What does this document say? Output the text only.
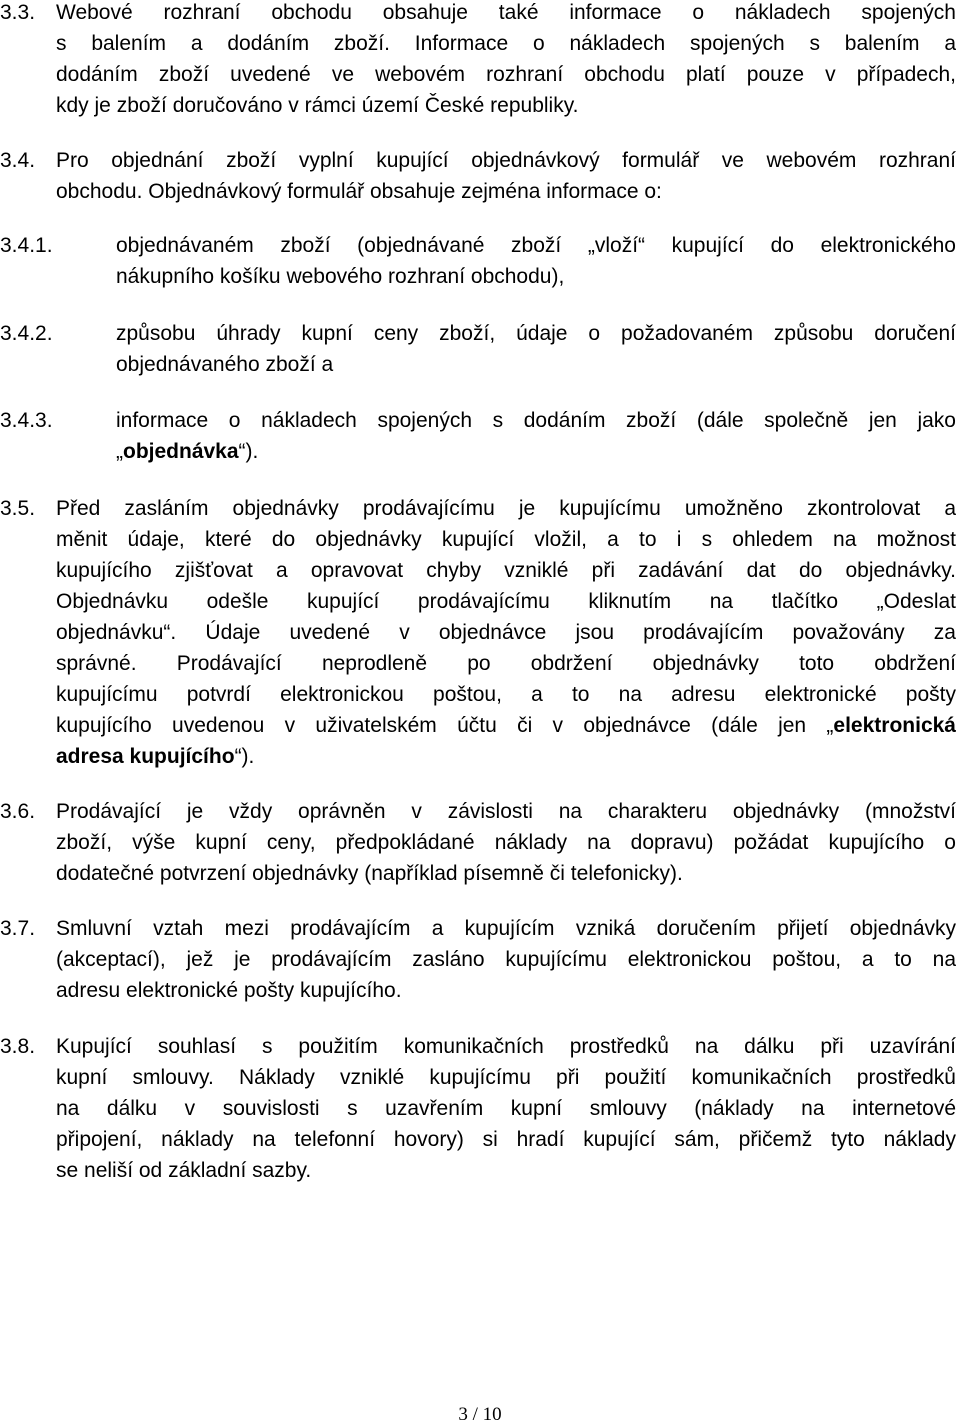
3.3. Webové rozhraní obchodu obsahuje také informace o nákladech spojených
s balením a dodáním zboží. Informace o nákladech spojených s balením a
dodáním zboží uvedené ve webovém rozhraní obchodu platí pouze v případech,
kdy je zboží doručováno v rámci území České republiky.
3.4. Pro objednání zboží vyplní kupující objednávkový formulář ve webovém rozhraní
obchodu. Objednávkový formulář obsahuje zejména informace o:
3.4.1.	objednávaném zboží (objednávané zboží „vloží“ kupující do elektronického
nákupního košíku webového rozhraní obchodu),
3.4.2.	způsobu úhrady kupní ceny zboží, údaje o požadovaném způsobu doručení
objednávaného zboží a
3.4.3.	informace o nákladech spojených s dodáním zboží (dále společně jen jako
„objednávka“).
3.5. Před zasláním objednávky prodávajícímu je kupujícímu umožněno zkontrolovat a
měnit údaje, které do objednávky kupující vložil, a to i s ohledem na možnost
kupujícího zjišťovat a opravovat chyby vzniklé při zadávání dat do objednávky.
Objednávku odešle kupující prodávajícímu kliknutím na tlačítko „Odeslat
objednávku“. Údaje uvedené v objednávce jsou prodávajícím považovány za
správné. Prodávající neprodleně po obdržení objednávky toto obdržení
kupujícímu potvrdí elektronickou poštou, a to na adresu elektronické pošty
kupujícího uvedenou v uživatelském účtu či v objednávce (dále jen „elektronická
adresa kupujícího“).
3.6. Prodávající je vždy oprávněn v závislosti na charakteru objednávky (množství
zboží, výše kupní ceny, předpokládané náklady na dopravu) požádat kupujícího o
dodatečné potvrzení objednávky (například písemně či telefonicky).
3.7. Smluvní vztah mezi prodávajícím a kupujícím vzniká doručením přijetí objednávky
(akceptací), jež je prodávajícím zasláno kupujícímu elektronickou poštou, a to na
adresu elektronické pošty kupujícího.
3.8. Kupující souhlasí s použitím komunikačních prostředků na dálku při uzavírání
kupní smlouvy. Náklady vzniklé kupujícímu při použití komunikačních prostředků
na dálku v souvislosti s uzavřením kupní smlouvy (náklady na internetové
připojení, náklady na telefonní hovory) si hradí kupující sám, přičemž tyto náklady
se neliší od základní sazby.
3 / 10
